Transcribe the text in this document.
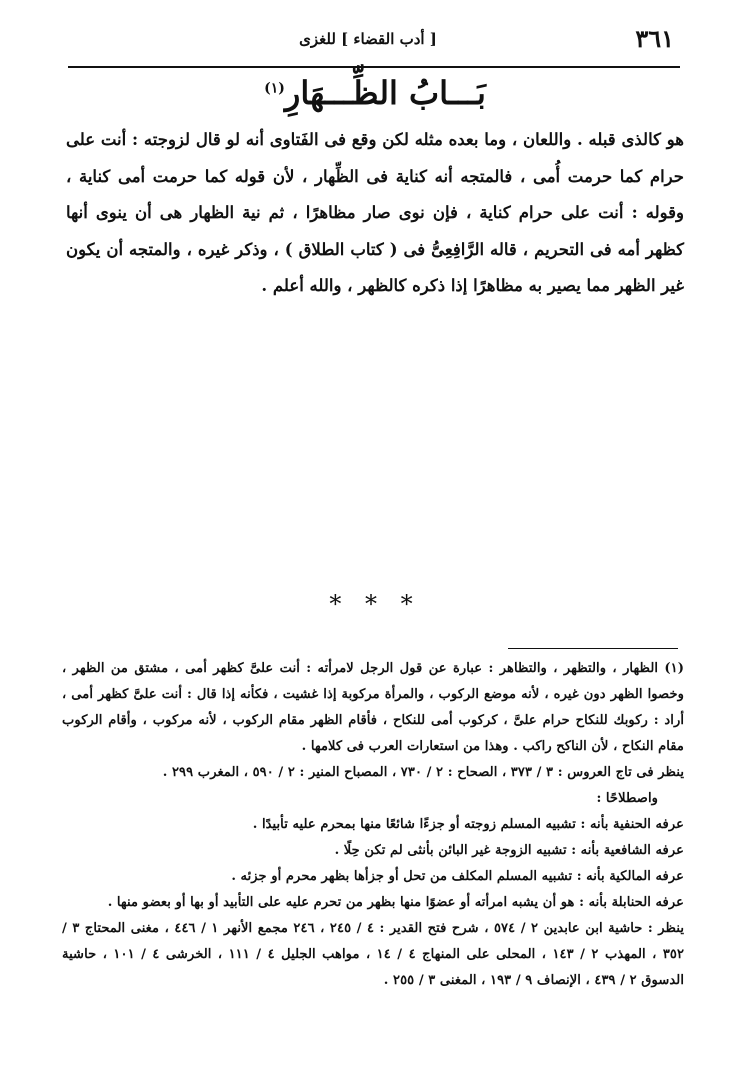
٣٦١
[ أدب القضاء ] للغزى
بَـــابُ الظِّـــهَارِ$^{(١)}$

هو كالذى قبله . واللعان ، وما بعده مثله لكن وقع فى الفَتاوى أنه لو قال لزوجته : أنت على حرام كما حرمت أُمى ، فالمتجه أنه كناية فى الظِّهار ، لأن قوله كما حرمت أمى كناية ، وقوله : أنت على حرام كناية ، فإن نوى صار مظاهرًا ، ثم نية الظهار هى أن ينوى أنها كظهر أمه فى التحريم ، قاله الرَّافِعِىُّ فى ( كتاب الطلاق ) ، وذكر غيره ، والمتجه أن يكون غير الظهر مما يصير به مظاهرًا إذا ذكره كالظهر ، والله أعلم .

* * *

(١) الظهار ، والتظهر ، والتظاهر : عبارة عن قول الرجل لامرأته : أنت علىَّ كظهر أمى ، مشتق من الظهر ، وخصوا الظهر دون غيره ، لأنه موضع الركوب ، والمرأة مركوبة إذا غشيت ، فكأنه إذا قال : أنت علىَّ كظهر أمى ، أراد : ركوبك للنكاح حرام علىَّ ، كركوب أمى للنكاح ، فأقام الظهر مقام الركوب ، لأنه مركوب ، وأقام الركوب مقام النكاح ، لأن الناكح راكب . وهذا من استعارات العرب فى كلامها .

ينظر فى تاج العروس : ٣ / ٣٧٣ ، الصحاح : ٢ / ٧٣٠ ، المصباح المنير : ٢ / ٥٩٠ ، المغرب ٢٩٩ .

واصطلاحًا :

عرفه الحنفية بأنه : تشبيه المسلم زوجته أو جزءًا شائعًا منها بمحرم عليه تأبيدًا .

عرفه الشافعية بأنه : تشبيه الزوجة غير البائن بأنثى لم تكن حِلًا .

عرفه المالكية بأنه : تشبيه المسلم المكلف من تحل أو جزأها بظهر محرم أو جزئه .

عرفه الحنابلة بأنه : هو أن يشبه امرأته أو عضوًا منها بظهر من تحرم عليه على التأبيد أو بها أو بعضو منها .

ينظر : حاشية ابن عابدين ٢ / ٥٧٤ ، شرح فتح القدير : ٤ / ٢٤٥ ، ٢٤٦ مجمع الأنهر ١ / ٤٤٦ ، مغنى المحتاج ٣ / ٣٥٢ ، المهذب ٢ / ١٤٣ ، المحلى على المنهاج ٤ / ١٤ ، مواهب الجليل ٤ / ١١١ ، الخرشى ٤ / ١٠١ ، حاشية الدسوق ٢ / ٤٣٩ ، الإنصاف ٩ / ١٩٣ ، المغنى ٣ / ٢٥٥ .
